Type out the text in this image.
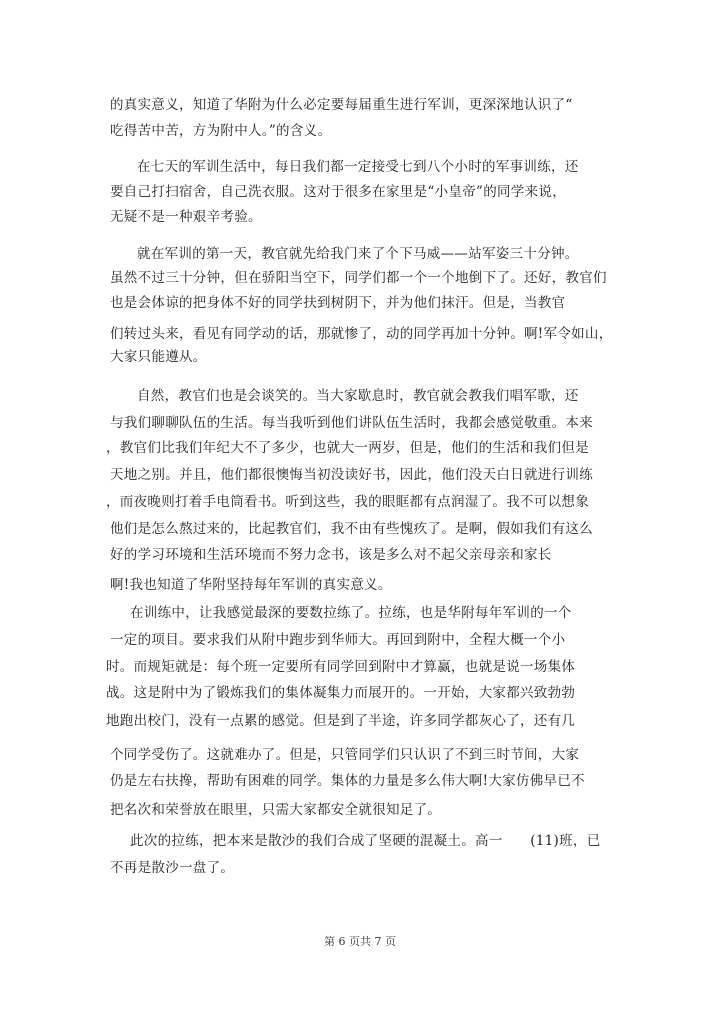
的真实意义，知道了华附为什么必定要每届重生进行军训，更深深地认识了“
吃得苦中苦，方为附中人。”的含义。
在七天的军训生活中，每日我们都一定接受七到八个小时的军事训练，还
要自己打扫宿舍，自己洗衣服。这对于很多在家里是“小皇帝”的同学来说，
无疑不是一种艰辛考验。
就在军训的第一天，教官就先给我门来了个下马威——站军姿三十分钟。
虽然不过三十分钟，但在骄阳当空下，同学们都一个一个地倒下了。还好，教官们
也是会体谅的把身体不好的同学扶到树阴下，并为他们抹汗。但是，当教官
们转过头来，看见有同学动的话，那就惨了，动的同学再加十分钟。啊!军令如山，
大家只能遵从。
自然，教官们也是会谈笑的。当大家歇息时，教官就会教我们唱军歌，还
与我们聊聊队伍的生活。每当我听到他们讲队伍生活时，我都会感觉敬重。本来
，教官们比我们年纪大不了多少，也就大一两岁，但是，他们的生活和我们但是
天地之别。并且，他们都很懊悔当初没读好书，因此，他们没天白日就进行训练
，而夜晚则打着手电筒看书。听到这些，我的眼眶都有点润湿了。我不可以想象
他们是怎么熬过来的，比起教官们，我不由有些愧疚了。是啊，假如我们有这么
好的学习环境和生活环境而不努力念书，该是多么对不起父亲母亲和家长
啊!我也知道了华附坚持每年军训的真实意义。
在训练中，让我感觉最深的要数拉练了。拉练，也是华附每年军训的一个
一定的项目。要求我们从附中跑步到华师大。再回到附中，全程大概一个小
时。而规矩就是：每个班一定要所有同学回到附中才算赢，也就是说一场集体
战。这是附中为了锻炼我们的集体凝集力而展开的。一开始，大家都兴致勃勃
地跑出校门，没有一点累的感觉。但是到了半途，许多同学都灰心了，还有几
个同学受伤了。这就难办了。但是，只管同学们只认识了不到三时节间，大家
仍是左右扶搀，帮助有困难的同学。集体的力量是多么伟大啊!大家仿佛早已不
把名次和荣誉放在眼里，只需大家都安全就很知足了。
此次的拉练，把本来是散沙的我们合成了坚硬的混凝土。高一　　(11)班，已
不再是散沙一盘了。
第 6 页共 7 页
